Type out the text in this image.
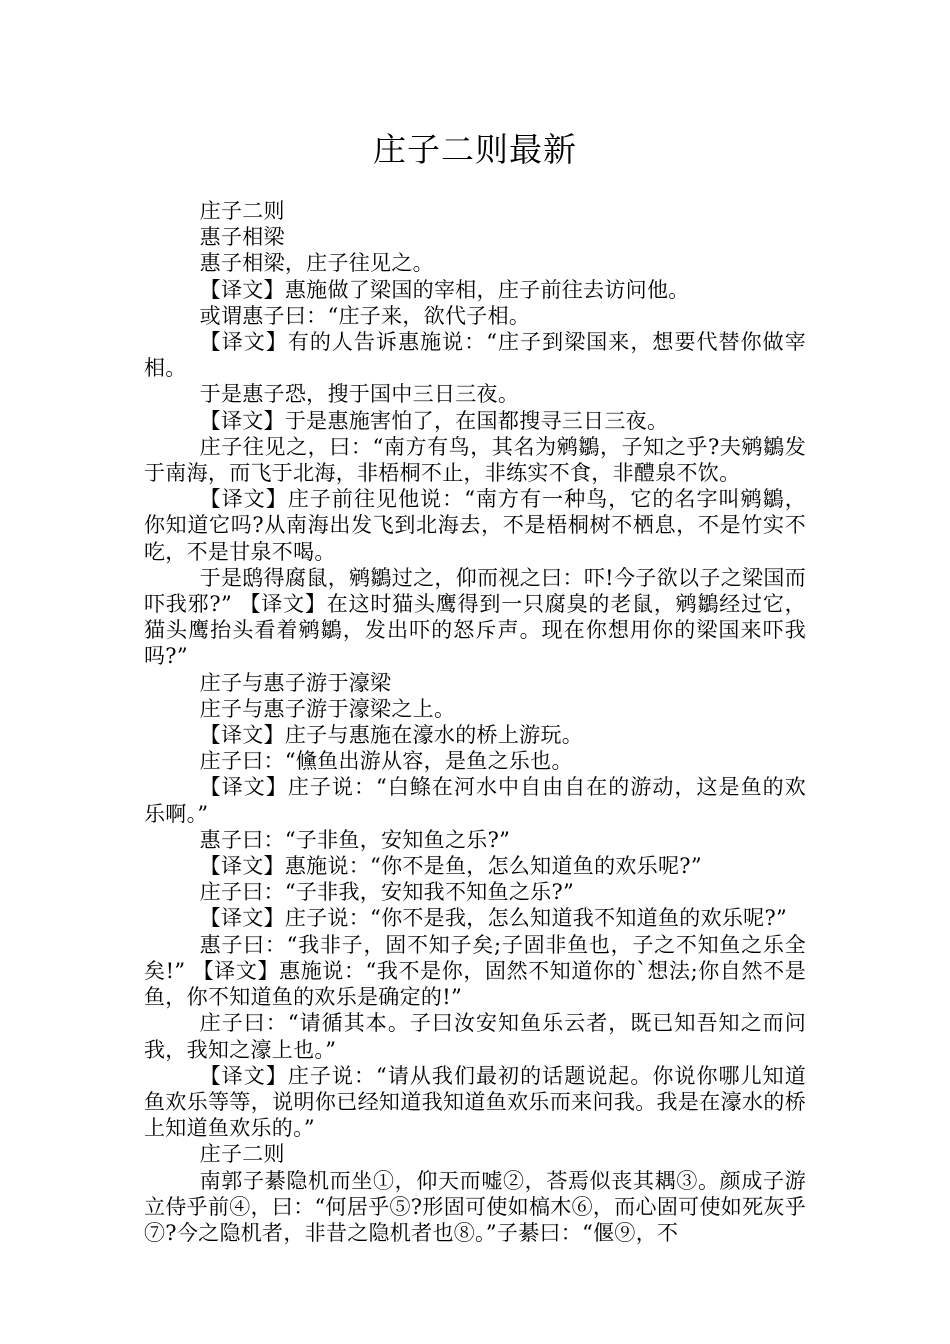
庄子二则最新

庄子二则

惠子相梁

惠子相梁，庄子往见之。

【译文】惠施做了梁国的宰相，庄子前往去访问他。

或谓惠子曰：“庄子来，欲代子相。

【译文】有的人告诉惠施说：“庄子到梁国来，想要代替你做宰相。

于是惠子恐，搜于国中三日三夜。

【译文】于是惠施害怕了，在国都搜寻三日三夜。

庄子往见之，曰：“南方有鸟，其名为鹓鶵，子知之乎?夫鹓鶵发于南海，而飞于北海，非梧桐不止，非练实不食，非醴泉不饮。

【译文】庄子前往见他说：“南方有一种鸟，它的名字叫鹓鶵，你知道它吗?从南海出发飞到北海去，不是梧桐树不栖息，不是竹实不吃，不是甘泉不喝。

于是鸱得腐鼠，鹓鶵过之，仰而视之曰：吓!今子欲以子之梁国而吓我邪?” 【译文】在这时猫头鹰得到一只腐臭的老鼠，鹓鶵经过它，猫头鹰抬头看着鹓鶵，发出吓的怒斥声。现在你想用你的梁国来吓我吗?”

庄子与惠子游于濠梁

庄子与惠子游于濠梁之上。

【译文】庄子与惠施在濠水的桥上游玩。

庄子曰：“儵鱼出游从容，是鱼之乐也。

【译文】庄子说：“白鲦在河水中自由自在的游动，这是鱼的欢乐啊。”

惠子曰：“子非鱼，安知鱼之乐?”

【译文】惠施说：“你不是鱼，怎么知道鱼的欢乐呢?”

庄子曰：“子非我，安知我不知鱼之乐?”

【译文】庄子说：“你不是我，怎么知道我不知道鱼的欢乐呢?”

惠子曰：“我非子，固不知子矣;子固非鱼也，子之不知鱼之乐全矣!” 【译文】惠施说：“我不是你，固然不知道你的`想法;你自然不是鱼，你不知道鱼的欢乐是确定的!”

庄子曰：“请循其本。子曰汝安知鱼乐云者，既已知吾知之而问我，我知之濠上也。”

【译文】庄子说：“请从我们最初的话题说起。你说你哪儿知道鱼欢乐等等，说明你已经知道我知道鱼欢乐而来问我。我是在濠水的桥上知道鱼欢乐的。”

庄子二则

南郭子綦隐机而坐①，仰天而嘘②，荅焉似丧其耦③。颜成子游立侍乎前④，曰：“何居乎⑤?形固可使如槁木⑥，而心固可使如死灰乎⑦?今之隐机者，非昔之隐机者也⑧。”子綦曰：“偃⑨，不
